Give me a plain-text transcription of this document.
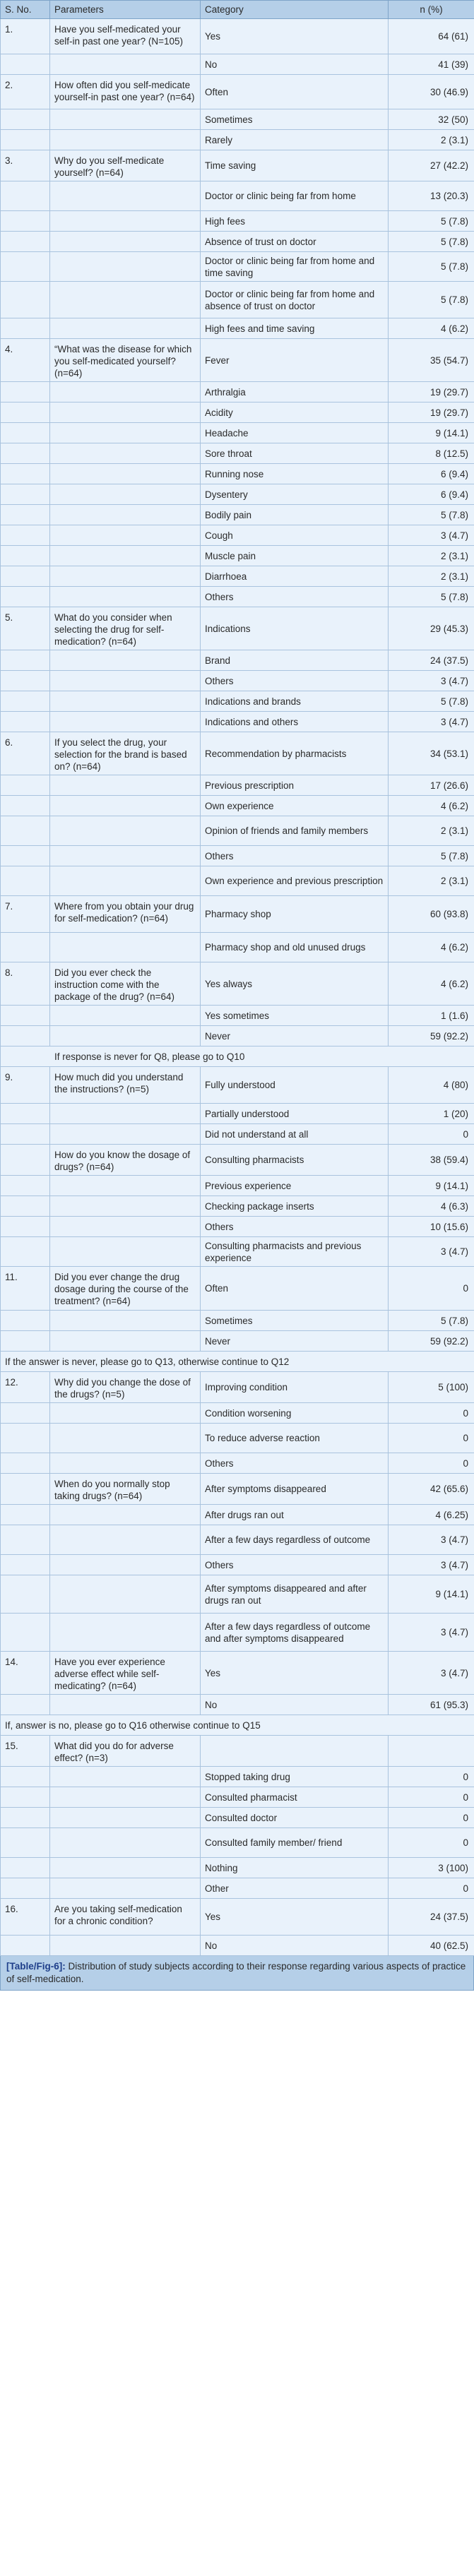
S. No.	Parameters	Category	n (%)
1.	Have you self-medicated your self-in past one year? (N=105)	Yes	64 (61)
		No	41 (39)
2.	How often did you self-medicate yourself-in past one year? (n=64)	Often	30 (46.9)
		Sometimes	32 (50)
		Rarely	2 (3.1)
3.	Why do you self-medicate yourself? (n=64)	Time saving	27 (42.2)
		Doctor or clinic being far from home	13 (20.3)
		High fees	5 (7.8)
		Absence of trust on doctor	5 (7.8)
		Doctor or clinic being far from home and time saving	5 (7.8)
		Doctor or clinic being far from home and absence of trust on doctor	5 (7.8)
		High fees and time saving	4 (6.2)
4.	“What was the disease for which you self-medicated yourself? (n=64)	Fever	35 (54.7)
		Arthralgia	19 (29.7)
		Acidity	19 (29.7)
		Headache	9 (14.1)
		Sore throat	8 (12.5)
		Running nose	6 (9.4)
		Dysentery	6 (9.4)
		Bodily pain	5 (7.8)
		Cough	3 (4.7)
		Muscle pain	2 (3.1)
		Diarrhoea	2 (3.1)
		Others	5 (7.8)
5.	What do you consider when selecting the drug for self-medication? (n=64)	Indications	29 (45.3)
		Brand	24 (37.5)
		Others	3 (4.7)
		Indications and brands	5 (7.8)
		Indications and others	3 (4.7)
6.	If you select the drug, your selection for the brand is based on? (n=64)	Recommendation by pharmacists	34 (53.1)
		Previous prescription	17 (26.6)
		Own experience	4 (6.2)
		Opinion of friends and family members	2 (3.1)
		Others	5 (7.8)
		Own experience and previous prescription	2 (3.1)
7.	Where from you obtain your drug for self-medication? (n=64)	Pharmacy shop	60 (93.8)
		Pharmacy shop and old unused drugs	4 (6.2)
8.	Did you ever check the instruction come with the package of the drug? (n=64)	Yes always	4 (6.2)
		Yes sometimes	1 (1.6)
		Never	59 (92.2)
If response is never for Q8, please go to Q10			
9.	How much did you understand the instructions? (n=5)	Fully understood	4 (80)
		Partially understood	1 (20)
		Did not understand at all	0
	How do you know the dosage of drugs? (n=64)	Consulting pharmacists	38 (59.4)
		Previous experience	9 (14.1)
		Checking package inserts	4 (6.3)
		Others	10 (15.6)
		Consulting pharmacists and previous experience	3 (4.7)
11.	Did you ever change the drug dosage during the course of the treatment? (n=64)	Often	0
		Sometimes	5 (7.8)
		Never	59 (92.2)
If the answer is never, please go to Q13, otherwise continue to Q12			
12.	Why did you change the dose of the drugs? (n=5)	Improving condition	5 (100)
		Condition worsening	0
		To reduce adverse reaction	0
		Others	0
	When do you normally stop taking drugs? (n=64)	After symptoms disappeared	42 (65.6)
		After drugs ran out	4 (6.25)
		After a few days regardless of outcome	3 (4.7)
		Others	3 (4.7)
		After symptoms disappeared and after drugs ran out	9 (14.1)
		After a few days regardless of outcome and after symptoms disappeared	3 (4.7)
14.	Have you ever experience adverse effect while self-medicating? (n=64)	Yes	3 (4.7)
		No	61 (95.3)
If, answer is no, please go to Q16 otherwise continue to Q15			
15.	What did you do for adverse effect? (n=3)		
		Stopped taking drug	0
		Consulted pharmacist	0
		Consulted doctor	0
		Consulted family member/ friend	0
		Nothing	3 (100)
		Other	0
16.	Are you taking self-medication for a chronic condition?	Yes	24 (37.5)
		No	40 (62.5)
[Table/Fig-6]: Distribution of study subjects according to their response regarding various aspects of practice of self-medication.
